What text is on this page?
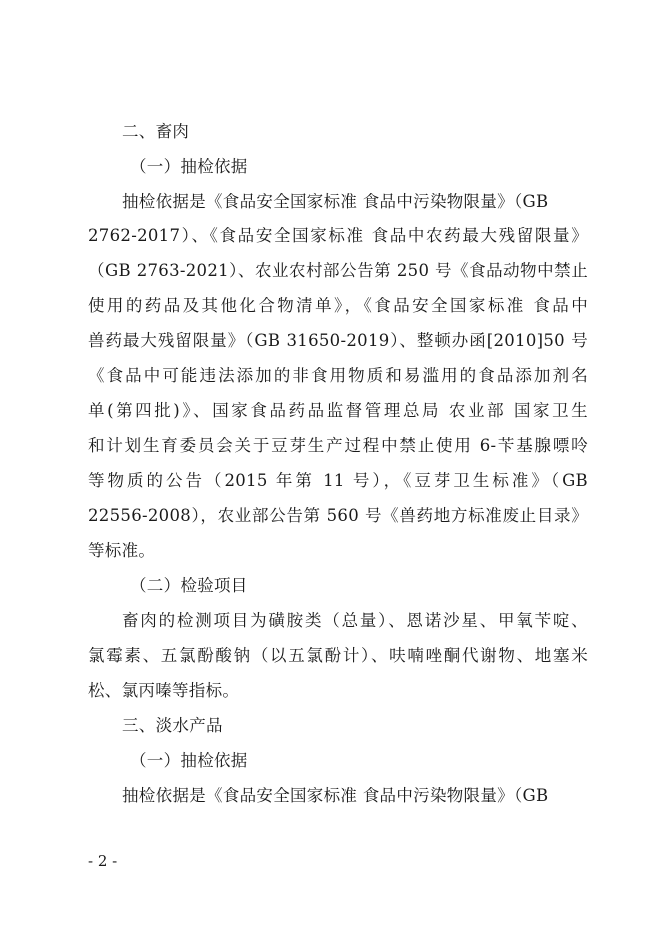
二、畜肉
（一）抽检依据
抽检依据是《食品安全国家标准 食品中污染物限量》（GB
2762-2017）、《食品安全国家标准 食品中农药最大残留限量》
（GB 2763-2021）、农业农村部公告第 250 号《食品动物中禁止
使用的药品及其他化合物清单》，《食品安全国家标准 食品中
兽药最大残留限量》（GB 31650-2019）、整顿办函[2010]50 号
《食品中可能违法添加的非食用物质和易滥用的食品添加剂名
单(第四批)》、国家食品药品监督管理总局 农业部 国家卫生
和计划生育委员会关于豆芽生产过程中禁止使用 6-苄基腺嘌呤
等物质的公告（2015 年第 11 号），《豆芽卫生标准》（GB
22556-2008），农业部公告第 560 号《兽药地方标准废止目录》
等标准。
（二）检验项目
畜肉的检测项目为磺胺类（总量）、恩诺沙星、甲氧苄啶、
氯霉素、五氯酚酸钠（以五氯酚计）、呋喃唑酮代谢物、地塞米
松、氯丙嗪等指标。
三、淡水产品
（一）抽检依据
抽检依据是《食品安全国家标准 食品中污染物限量》（GB
- 2 -
